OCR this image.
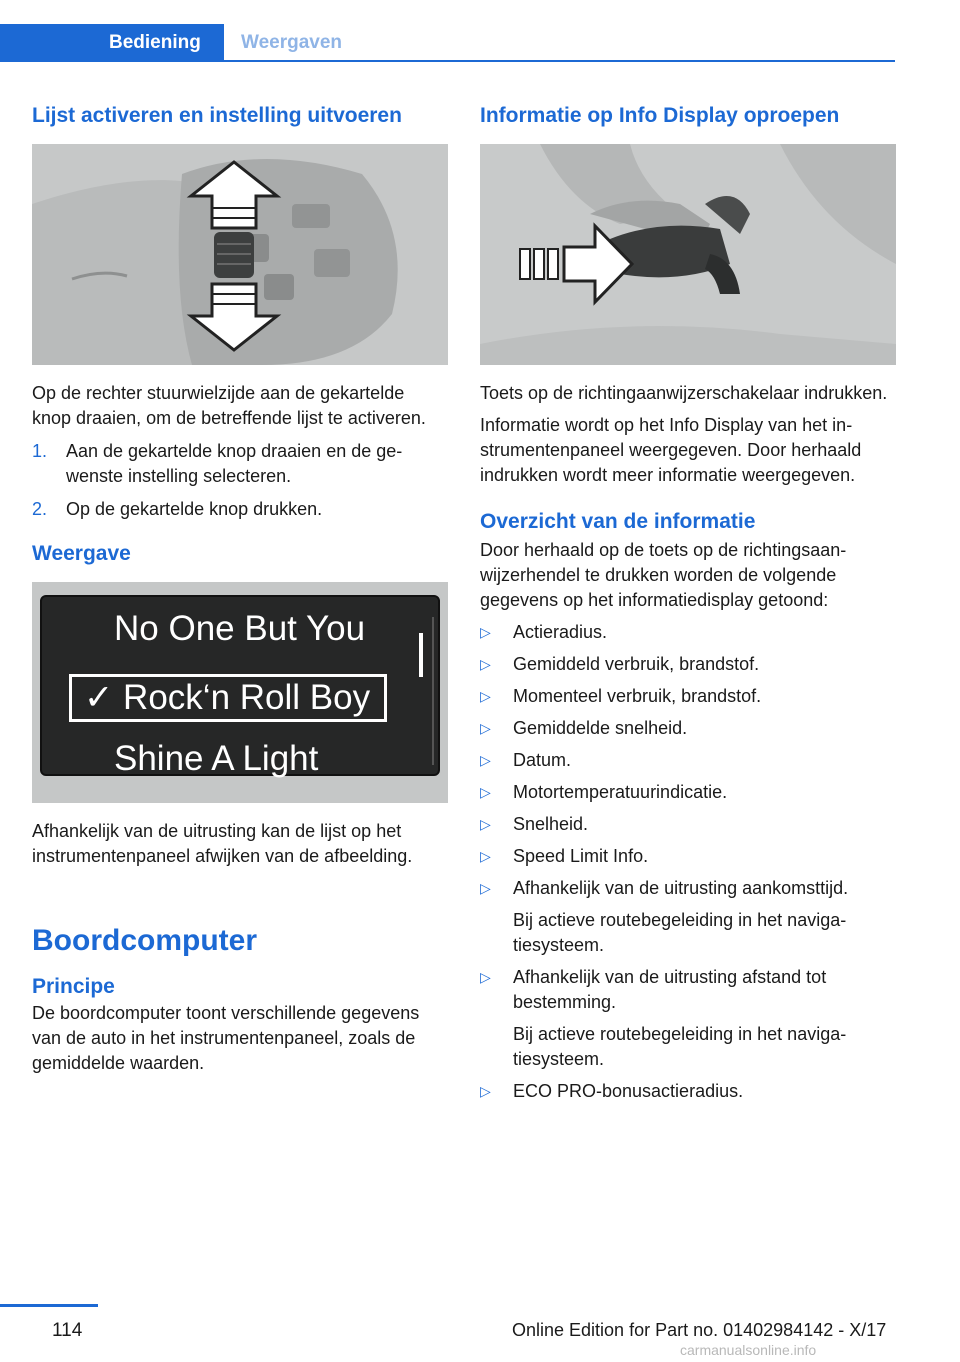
Bediening	Weergaven
Lijst activeren en instelling uitvoeren

Op de rechter stuurwielzijde aan de gekartelde knop draaien, om de betreffende lijst te activeren.

1. Aan de gekartelde knop draaien en de gewenste instelling selecteren.
2. Op de gekartelde knop drukken.
Weergave
No One But You
✓ Rock‘n Roll Boy
Shine A Light

Afhankelijk van de uitrusting kan de lijst op het instrumentenpaneel afwijken van de afbeelding.

Boordcomputer
Principe

De boordcomputer toont verschillende gegevens van de auto in het instrumentenpaneel, zoals de gemiddelde waarden.

Informatie op Info Display oproepen

Toets op de richtingaanwijzerschakelaar indrukken.

Informatie wordt op het Info Display van het instrumentenpaneel weergegeven. Door herhaald indrukken wordt meer informatie weergegeven.

Overzicht van de informatie

Door herhaald op de toets op de richtingsaanwijzerhendel te drukken worden de volgende gegevens op het informatiedisplay getoond:

▷ Actieradius.
▷ Gemiddeld verbruik, brandstof.
▷ Momenteel verbruik, brandstof.
▷ Gemiddelde snelheid.
▷ Datum.
▷ Motortemperatuurindicatie.
▷ Snelheid.
▷ Speed Limit Info.
▷ Afhankelijk van de uitrusting aankomsttijd.

Bij actieve routebegeleiding in het navigatiesysteem.

▷ Afhankelijk van de uitrusting afstand tot bestemming.

Bij actieve routebegeleiding in het navigatiesysteem.

▷ ECO PRO-bonusactieradius.
114	Online Edition for Part no. 01402984142 - X/17
carmanualsonline.info
